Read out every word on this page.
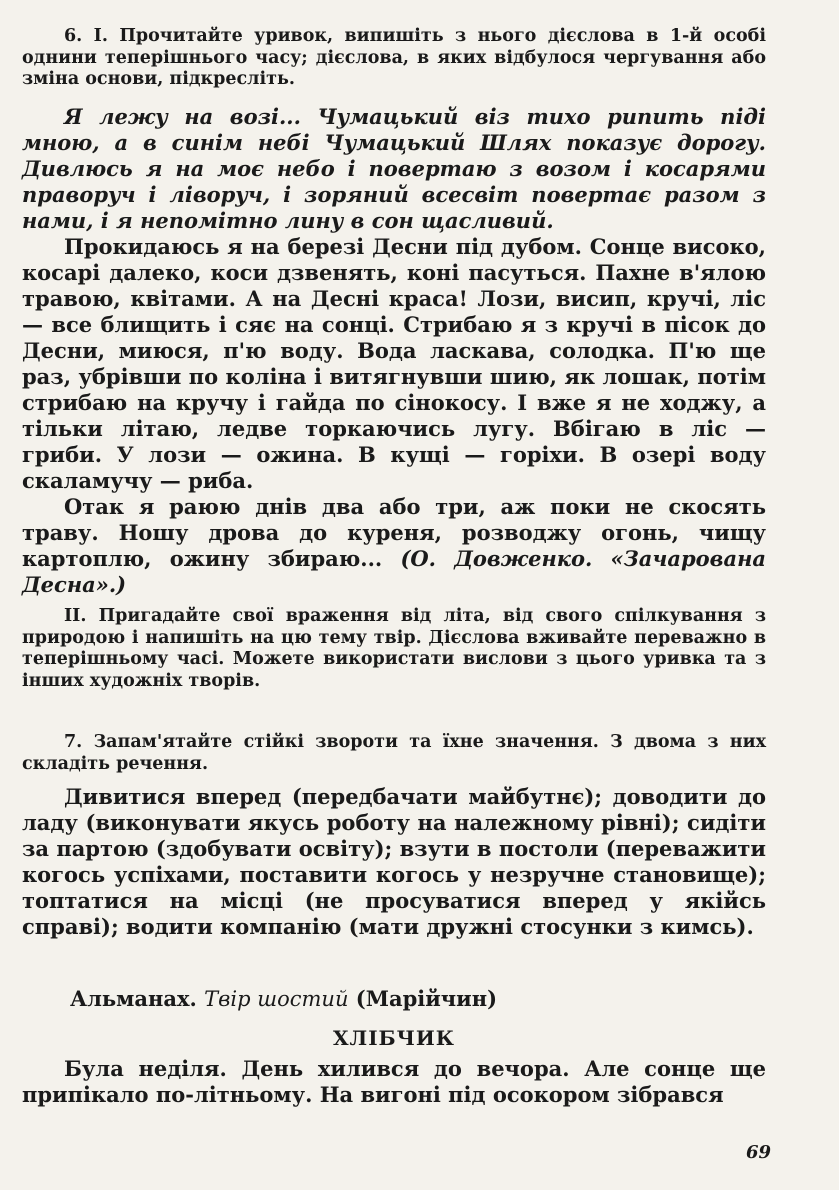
6. I. Прочитайте уривок, випишіть з нього дієслова в 1-й особі однини теперішнього часу; дієслова, в яких відбулося чергування або зміна основи, підкресліть.

Я лежу на возі... Чумацький віз тихо рипить піді мною, а в синім небі Чумацький Шлях показує дорогу. Дивлюсь я на моє небо і повертаю з возом і косарями праворуч і ліворуч, і зоряний всесвіт повертає разом з нами, і я непомітно лину в сон щасливий.

Прокидаюсь я на березі Десни під дубом. Сонце високо, косарі далеко, коси дзвенять, коні пасуться. Пахне в'ялою травою, квітами. А на Десні краса! Лози, висип, кручі, ліс — все блищить і сяє на сонці. Стрибаю я з кручі в пісок до Десни, миюся, п'ю воду. Вода ласкава, солодка. П'ю ще раз, убрівши по коліна і витягнувши шию, як лошак, потім стрибаю на кручу і гайда по сінокосу. І вже я не ходжу, а тільки літаю, ледве торкаючись лугу. Вбігаю в ліс — гриби. У лози — ожина. В кущі — горіхи. В озері воду скаламучу — риба.

Отак я раюю днів два або три, аж поки не скосять траву. Ношу дрова до куреня, розводжу огонь, чищу картоплю, ожину збираю... (О. Довженко. «Зачарована Десна».)

II. Пригадайте свої враження від літа, від свого спілкування з природою і напишіть на цю тему твір. Дієслова вживайте переважно в теперішньому часі. Можете використати вислови з цього уривка та з інших художніх творів.
7. Запам'ятайте стійкі звороти та їхне значення. З двома з них складіть речення.

Дивитися вперед (передбачати майбутнє); доводити до ладу (виконувати якусь роботу на належному рівні); сидіти за партою (здобувати освіту); взути в постоли (переважити когось успіхами, поставити когось у незручне становище); топтатися на місці (не просуватися вперед у якійсь справі); водити компанію (мати дружні стосунки з кимсь).

Альманах. Твір шостий (Марійчин)
ХЛІБЧИК

Була неділя. День хилився до вечора. Але сонце ще припікало по-літньому. На вигоні під осокором зібрався

69
